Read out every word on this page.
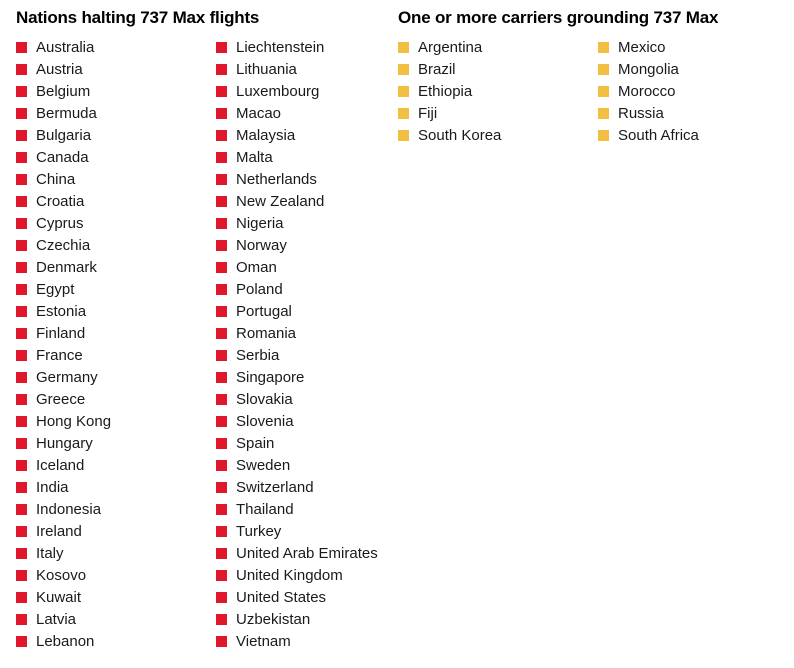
Nations halting 737 Max flights
Australia
Austria
Belgium
Bermuda
Bulgaria
Canada
China
Croatia
Cyprus
Czechia
Denmark
Egypt
Estonia
Finland
France
Germany
Greece
Hong Kong
Hungary
Iceland
India
Indonesia
Ireland
Italy
Kosovo
Kuwait
Latvia
Lebanon
Liechtenstein
Lithuania
Luxembourg
Macao
Malaysia
Malta
Netherlands
New Zealand
Nigeria
Norway
Oman
Poland
Portugal
Romania
Serbia
Singapore
Slovakia
Slovenia
Spain
Sweden
Switzerland
Thailand
Turkey
United Arab Emirates
United Kingdom
United States
Uzbekistan
Vietnam
One or more carriers grounding 737 Max
Argentina
Brazil
Ethiopia
Fiji
South Korea
Mexico
Mongolia
Morocco
Russia
South Africa
